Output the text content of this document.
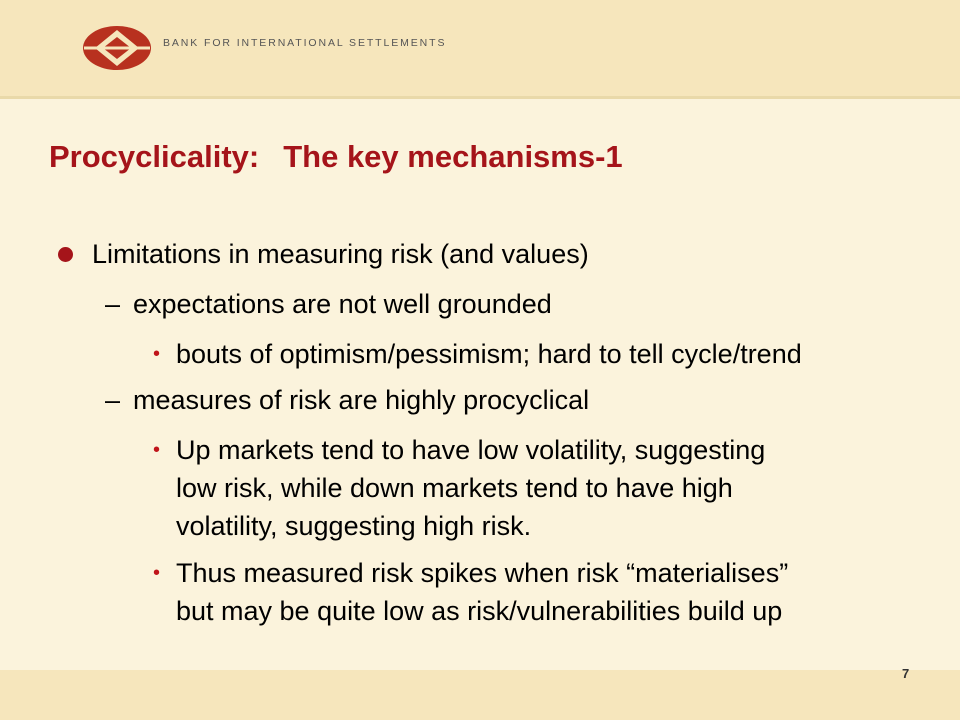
BANK FOR INTERNATIONAL SETTLEMENTS
Procyclicality: The key mechanisms-1
Limitations in measuring risk (and values)
– expectations are not well grounded
• bouts of optimism/pessimism; hard to tell cycle/trend
– measures of risk are highly procyclical
• Up markets tend to have low volatility, suggesting
low risk, while down markets tend to have high
volatility, suggesting high risk.
• Thus measured risk spikes when risk “materialises”
but may be quite low as risk/vulnerabilities build up
7
